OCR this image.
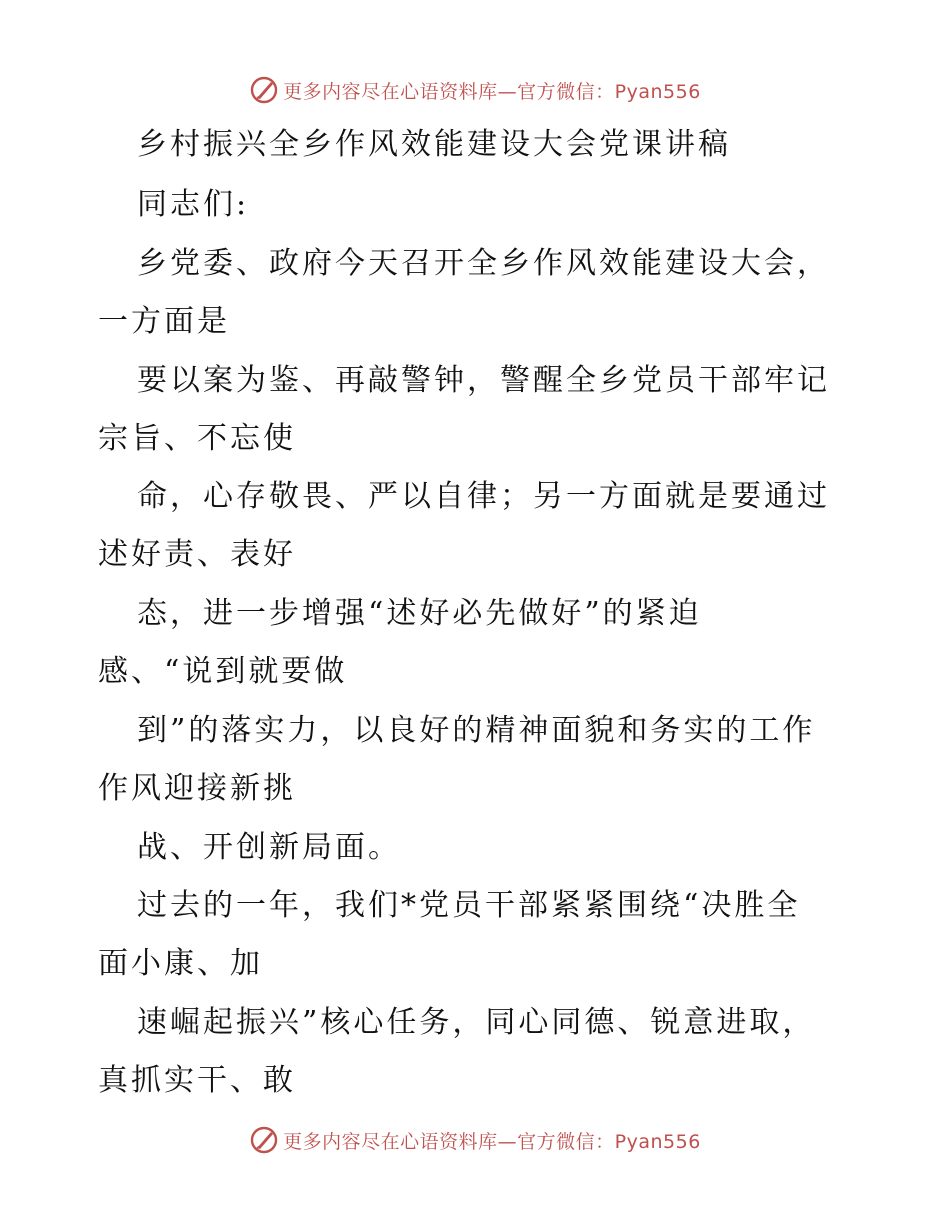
更多内容尽在心语资料库—官方微信：Pyan556
乡村振兴全乡作风效能建设大会党课讲稿
同志们:
乡党委、政府今天召开全乡作风效能建设大会，
一方面是
要以案为鉴、再敲警钟，警醒全乡党员干部牢记
宗旨、不忘使
命，心存敬畏、严以自律；另一方面就是要通过
述好责、表好
态，进一步增强“述好必先做好”的紧迫
感、“说到就要做
到”的落实力，以良好的精神面貌和务实的工作
作风迎接新挑
战、开创新局面。
过去的一年，我们*党员干部紧紧围绕“决胜全
面小康、加
速崛起振兴”核心任务，同心同德、锐意进取，
真抓实干、敢
更多内容尽在心语资料库—官方微信：Pyan556
